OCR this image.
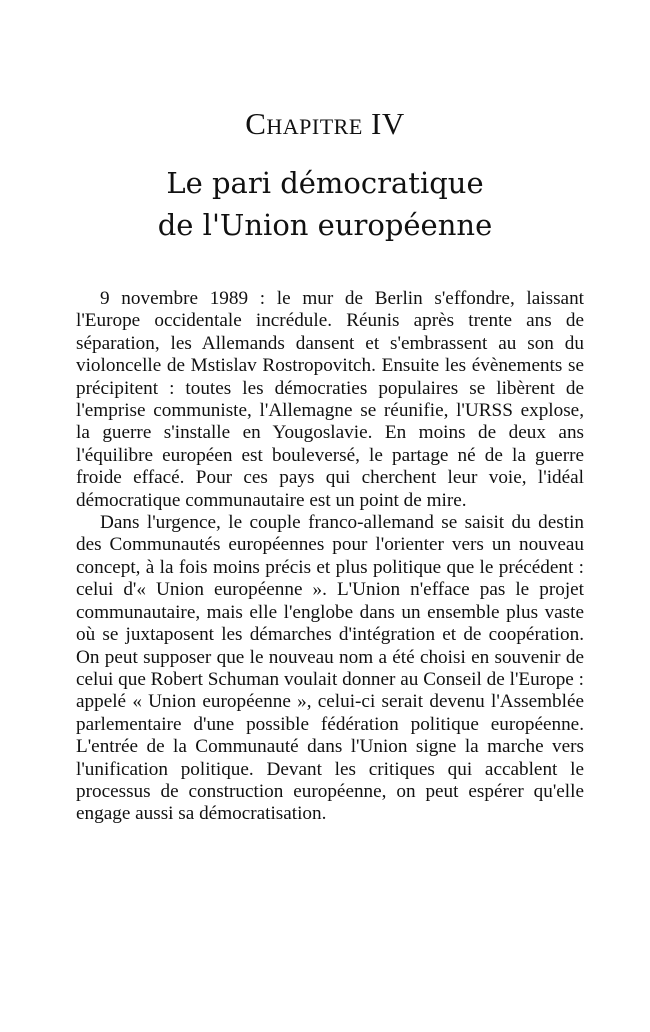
Chapitre IV
Le pari démocratique
de l'Union européenne

9 novembre 1989 : le mur de Berlin s'effondre, laissant l'Europe occidentale incrédule. Réunis après trente ans de séparation, les Allemands dansent et s'embrassent au son du violoncelle de Mstislav Rostropovitch. Ensuite les évènements se précipitent : toutes les démocraties populaires se libèrent de l'emprise communiste, l'Allemagne se réunifie, l'URSS explose, la guerre s'installe en Yougoslavie. En moins de deux ans l'équilibre européen est bouleversé, le partage né de la guerre froide effacé. Pour ces pays qui cherchent leur voie, l'idéal démocratique communautaire est un point de mire.

Dans l'urgence, le couple franco-allemand se saisit du destin des Communautés européennes pour l'orienter vers un nouveau concept, à la fois moins précis et plus politique que le précédent : celui d'« Union européenne ». L'Union n'efface pas le projet communautaire, mais elle l'englobe dans un ensemble plus vaste où se juxtaposent les démarches d'intégration et de coopération. On peut supposer que le nouveau nom a été choisi en souvenir de celui que Robert Schuman voulait donner au Conseil de l'Europe : appelé « Union européenne », celui-ci serait devenu l'Assemblée parlementaire d'une possible fédération politique européenne. L'entrée de la Communauté dans l'Union signe la marche vers l'unification politique. Devant les critiques qui accablent le processus de construction européenne, on peut espérer qu'elle engage aussi sa démocratisation.
